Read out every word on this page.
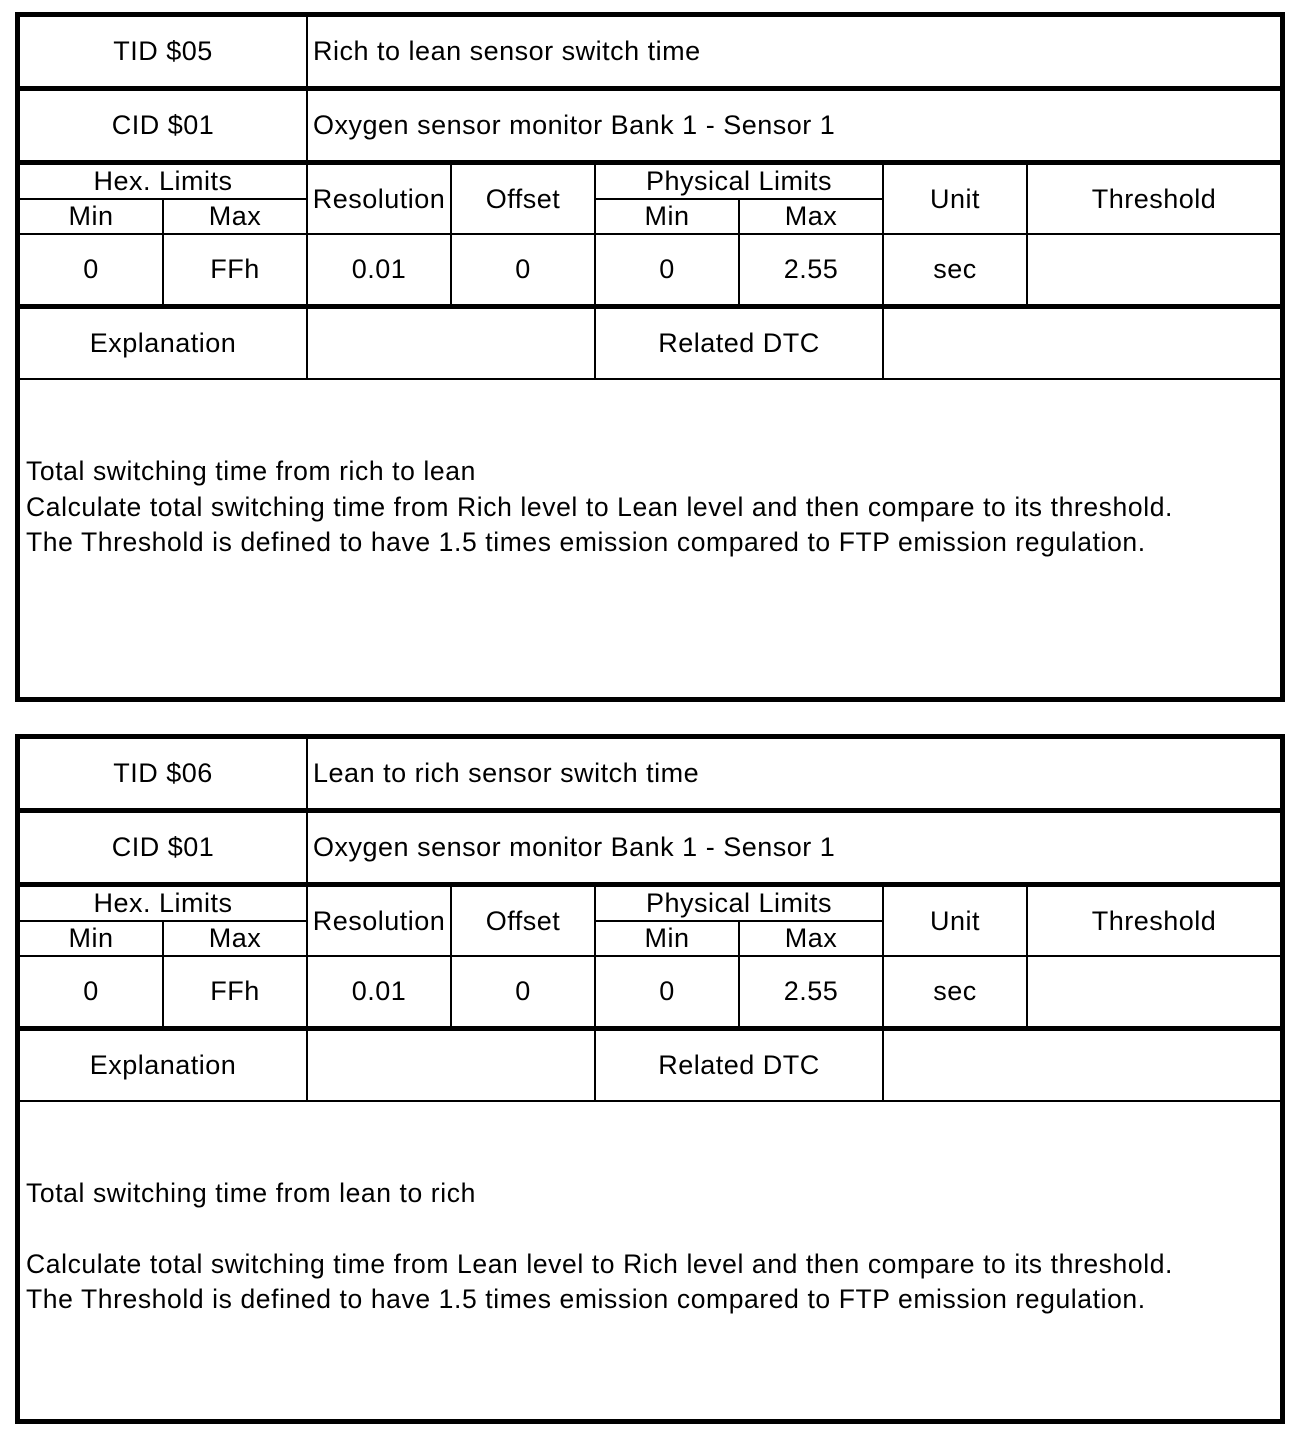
TID $05		Rich to lean sensor switch time					
CID $01		Oxygen sensor monitor Bank 1 - Sensor 1					
Hex. Limits		Resolution	Offset	Physical Limits		Unit	Threshold
Min	Max			Min	Max		
0	FFh	0.01	0	0	2.55	sec	
Explanation				Related DTC			

Total switching time from rich to lean

Calculate total switching time from Rich level to Lean level and then compare to its threshold.

The Threshold is defined to have 1.5 times emission compared to FTP emission regulation.							

TID $06		Lean to rich sensor switch time					
CID $01		Oxygen sensor monitor Bank 1 - Sensor 1					
Hex. Limits		Resolution	Offset	Physical Limits		Unit	Threshold
Min	Max			Min	Max		
0	FFh	0.01	0	0	2.55	sec	
Explanation				Related DTC			

Total switching time from lean to rich

Calculate total switching time from Lean level to Rich level and then compare to its threshold.

The Threshold is defined to have 1.5 times emission compared to FTP emission regulation.							
